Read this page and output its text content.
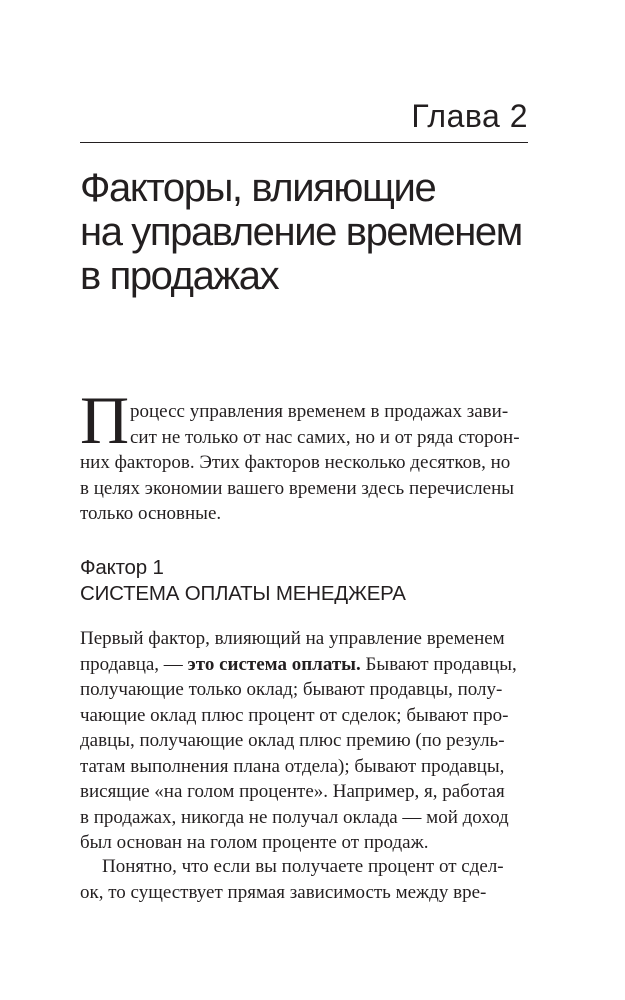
Глава 2
Факторы, влияющие
на управление временем
в продажах
П роцесс управления временем в продажах зави-
сит не только от нас самих, но и от ряда сторон-
них факторов. Этих факторов несколько десятков, но
в целях экономии вашего времени здесь перечислены
только основные.

Фактор 1
СИСТЕМА ОПЛАТЫ МЕНЕДЖЕРА

Первый фактор, влияющий на управление временем
продавца, — это система оплаты. Бывают продавцы,
получающие только оклад; бывают продавцы, полу-
чающие оклад плюс процент от сделок; бывают про-
давцы, получающие оклад плюс премию (по резуль-
татам выполнения плана отдела); бывают продавцы,
висящие «на голом проценте». Например, я, работая
в продажах, никогда не получал оклада — мой доход
был основан на голом проценте от продаж.

Понятно, что если вы получаете процент от сдел-
ок, то существует прямая зависимость между вре-
